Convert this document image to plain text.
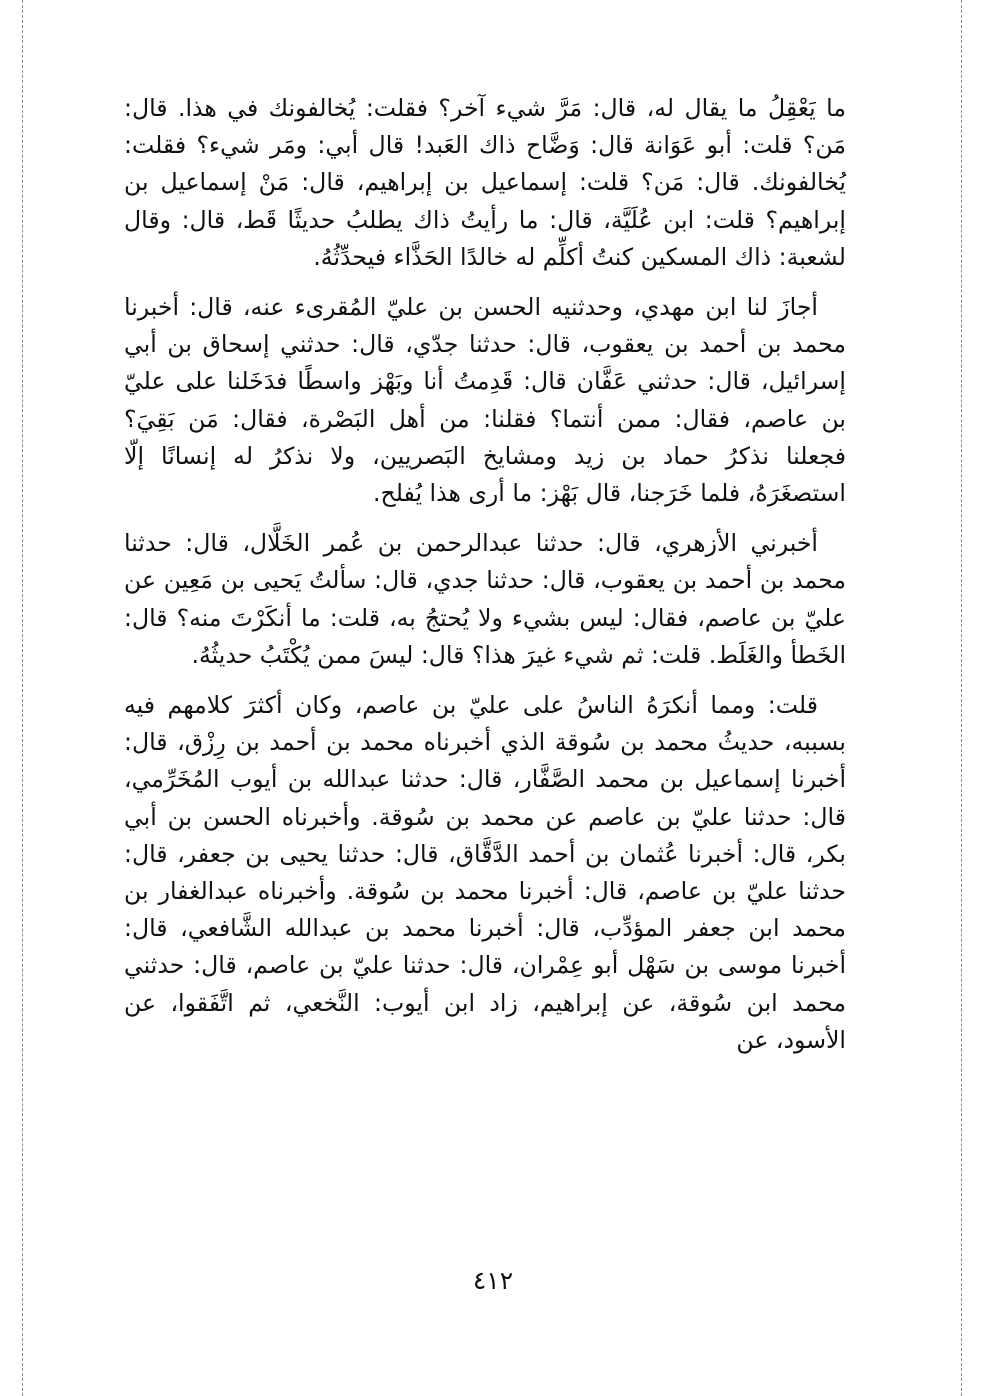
ما يَعْقِلُ ما يقال له، قال: مَرَّ شيء آخر؟ فقلت: يُخالفونك في هذا. قال: مَن؟ قلت: أبو عَوَانة قال: وَضَّاح ذاك العَبد! قال أبي: ومَر شيء؟ فقلت: يُخالفونك. قال: مَن؟ قلت: إسماعيل بن إبراهيم، قال: مَنْ إسماعيل بن إبراهيم؟ قلت: ابن عُلَيَّة، قال: ما رأيتُ ذاك يطلبُ حديثًا قَط، قال: وقال لشعبة: ذاك المسكين كنتُ أكلِّم له خالدًا الحَذَّاء فيحدِّثُهُ.

أجازَ لنا ابن مهدي، وحدثنيه الحسن بن عليّ المُقرىء عنه، قال: أخبرنا محمد بن أحمد بن يعقوب، قال: حدثنا جدّي، قال: حدثني إسحاق بن أبي إسرائيل، قال: حدثني عَفَّان قال: قَدِمتُ أنا وبَهْز واسطًا فدَخَلنا على عليّ بن عاصم، فقال: ممن أنتما؟ فقلنا: من أهل البَصْرة، فقال: مَن بَقِيَ؟ فجعلنا نذكرُ حماد بن زيد ومشايخ البَصريين، ولا نذكرُ له إنسانًا إلّا استصغَرَهُ، فلما خَرَجنا، قال بَهْز: ما أرى هذا يُفلح.

أخبرني الأزهري، قال: حدثنا عبدالرحمن بن عُمر الخَلَّال، قال: حدثنا محمد بن أحمد بن يعقوب، قال: حدثنا جدي، قال: سألتُ يَحيى بن مَعِين عن عليّ بن عاصم، فقال: ليس بشيء ولا يُحتجُ به، قلت: ما أنكَرْتَ منه؟ قال: الخَطأ والغَلَط. قلت: ثم شيء غيرَ هذا؟ قال: ليسَ ممن يُكْتَبُ حديثُهُ.

قلت: ومما أنكرَهُ الناسُ على عليّ بن عاصم، وكان أكثرَ كلامهم فيه بسببه، حديثُ محمد بن سُوقة الذي أخبرناه محمد بن أحمد بن رِزْق، قال: أخبرنا إسماعيل بن محمد الصَّفَّار، قال: حدثنا عبدالله بن أيوب المُخَرِّمي، قال: حدثنا عليّ بن عاصم عن محمد بن سُوقة. وأخبرناه الحسن بن أبي بكر، قال: أخبرنا عُثمان بن أحمد الدَّقَّاق، قال: حدثنا يحيى بن جعفر، قال: حدثنا عليّ بن عاصم، قال: أخبرنا محمد بن سُوقة. وأخبرناه عبدالغفار بن محمد ابن جعفر المؤدِّب، قال: أخبرنا محمد بن عبدالله الشَّافعي، قال: أخبرنا موسى بن سَهْل أبو عِمْران، قال: حدثنا عليّ بن عاصم، قال: حدثني محمد ابن سُوقة، عن إبراهيم، زاد ابن أيوب: النَّخعي، ثم اتَّفَقوا، عن الأسود، عن

٤١٢
